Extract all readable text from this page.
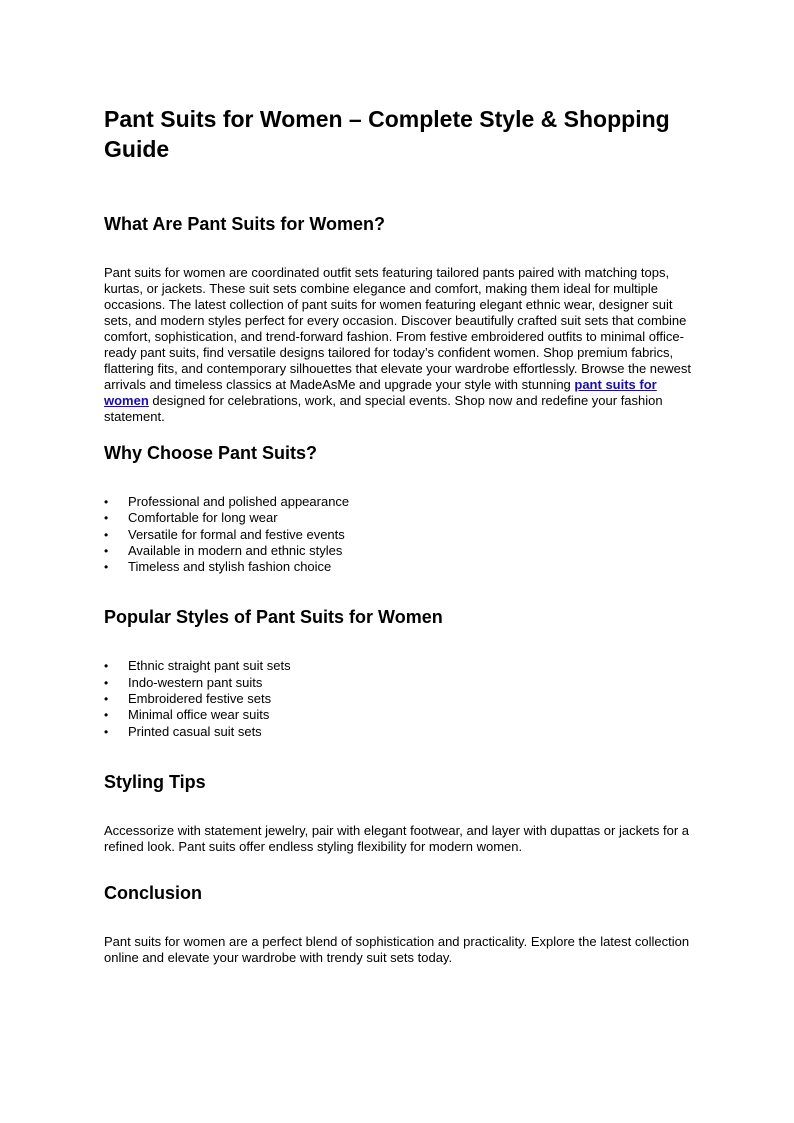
Pant Suits for Women – Complete Style & Shopping Guide
What Are Pant Suits for Women?

Pant suits for women are coordinated outfit sets featuring tailored pants paired with matching tops, kurtas, or jackets. These suit sets combine elegance and comfort, making them ideal for multiple occasions. The latest collection of pant suits for women featuring elegant ethnic wear, designer suit sets, and modern styles perfect for every occasion. Discover beautifully crafted suit sets that combine comfort, sophistication, and trend-forward fashion. From festive embroidered outfits to minimal office-ready pant suits, find versatile designs tailored for today’s confident women. Shop premium fabrics, flattering fits, and contemporary silhouettes that elevate your wardrobe effortlessly. Browse the newest arrivals and timeless classics at MadeAsMe and upgrade your style with stunning pant suits for women designed for celebrations, work, and special events. Shop now and redefine your fashion statement.

Why Choose Pant Suits?
• Professional and polished appearance
• Comfortable for long wear
• Versatile for formal and festive events
• Available in modern and ethnic styles
• Timeless and stylish fashion choice
Popular Styles of Pant Suits for Women
• Ethnic straight pant suit sets
• Indo-western pant suits
• Embroidered festive sets
• Minimal office wear suits
• Printed casual suit sets
Styling Tips

Accessorize with statement jewelry, pair with elegant footwear, and layer with dupattas or jackets for a refined look. Pant suits offer endless styling flexibility for modern women.

Conclusion

Pant suits for women are a perfect blend of sophistication and practicality. Explore the latest collection online and elevate your wardrobe with trendy suit sets today.
